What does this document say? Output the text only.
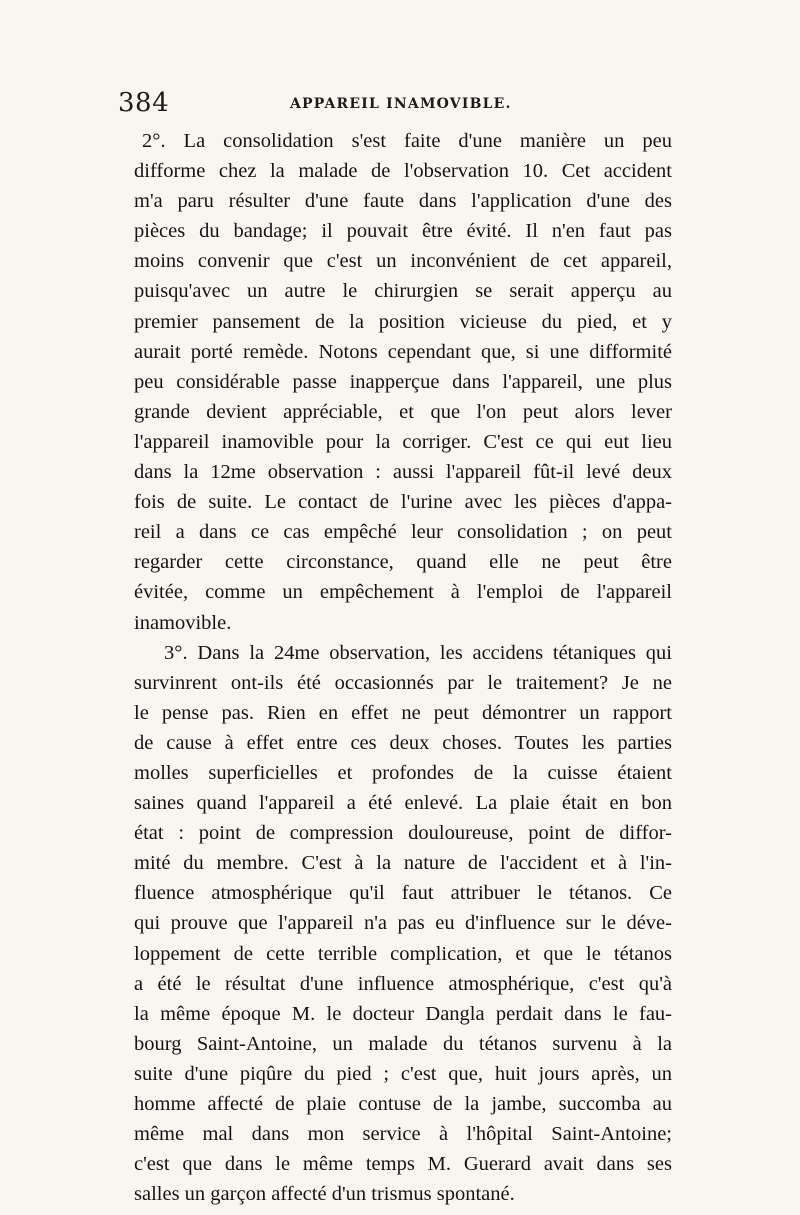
384	APPAREIL INAMOVIBLE.
2°. La consolidation s'est faite d'une manière un peu
difforme chez la malade de l'observation 10. Cet accident
m'a paru résulter d'une faute dans l'application d'une des
pièces du bandage; il pouvait être évité. Il n'en faut pas
moins convenir que c'est un inconvénient de cet appareil,
puisqu'avec un autre le chirurgien se serait apperçu au
premier pansement de la position vicieuse du pied, et y
aurait porté remède. Notons cependant que, si une difformité
peu considérable passe inapperçue dans l'appareil, une plus
grande devient appréciable, et que l'on peut alors lever
l'appareil inamovible pour la corriger. C'est ce qui eut lieu
dans la 12me observation : aussi l'appareil fût-il levé deux
fois de suite. Le contact de l'urine avec les pièces d'appa-
reil a dans ce cas empêché leur consolidation ; on peut
regarder cette circonstance, quand elle ne peut être
évitée, comme un empêchement à l'emploi de l'appareil
inamovible.
3°. Dans la 24me observation, les accidens tétaniques qui
survinrent ont-ils été occasionnés par le traitement? Je ne
le pense pas. Rien en effet ne peut démontrer un rapport
de cause à effet entre ces deux choses. Toutes les parties
molles superficielles et profondes de la cuisse étaient
saines quand l'appareil a été enlevé. La plaie était en bon
état : point de compression douloureuse, point de diffor-
mité du membre. C'est à la nature de l'accident et à l'in-
fluence atmosphérique qu'il faut attribuer le tétanos. Ce
qui prouve que l'appareil n'a pas eu d'influence sur le déve-
loppement de cette terrible complication, et que le tétanos
a été le résultat d'une influence atmosphérique, c'est qu'à
la même époque M. le docteur Dangla perdait dans le fau-
bourg Saint-Antoine, un malade du tétanos survenu à la
suite d'une piqûre du pied ; c'est que, huit jours après, un
homme affecté de plaie contuse de la jambe, succomba au
même mal dans mon service à l'hôpital Saint-Antoine;
c'est que dans le même temps M. Guerard avait dans ses
salles un garçon affecté d'un trismus spontané.
